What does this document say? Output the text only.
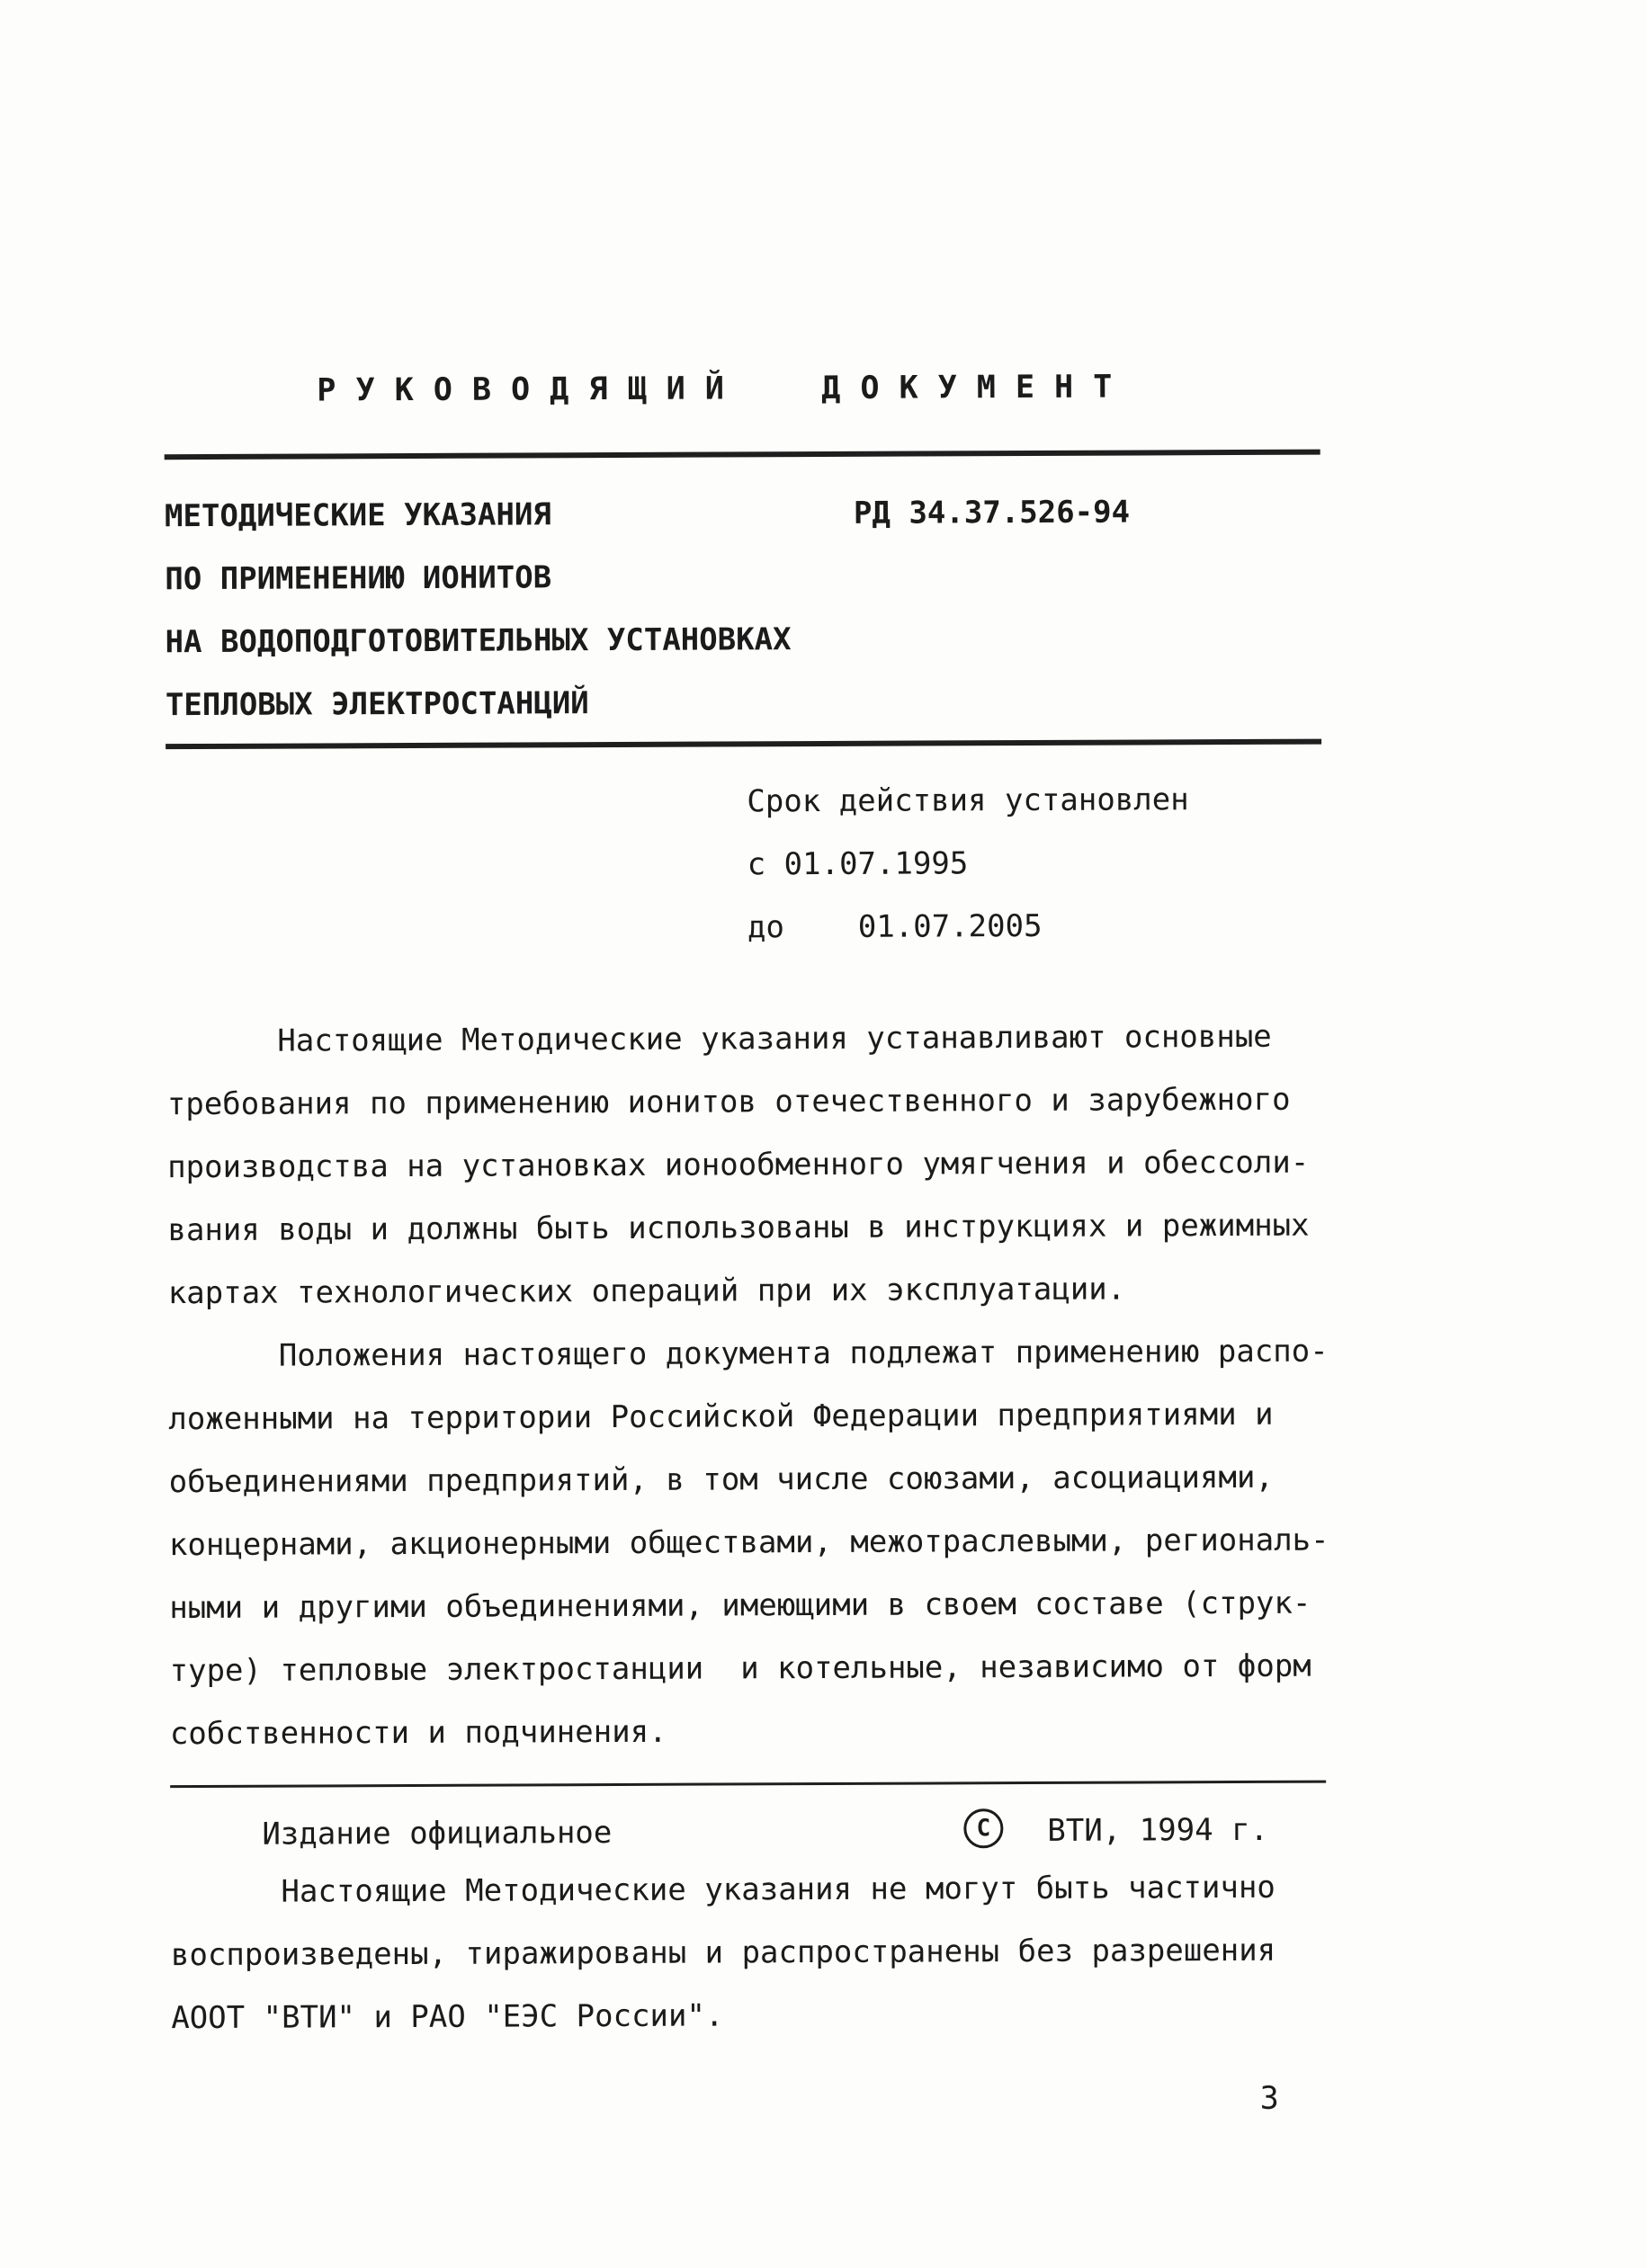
Р У К О В О Д Я Щ И Й     Д О К У М Е Н Т
МЕТОДИЧЕСКИЕ УКАЗАНИЯ
ПО ПРИМЕНЕНИЮ ИОНИТОВ
НА ВОДОПОДГОТОВИТЕЛЬНЫХ УСТАНОВКАХ
ТЕПЛОВЫХ ЭЛЕКТРОСТАНЦИЙ
РД 34.37.526-94
Срок действия установлен
с 01.07.1995
до    01.07.2005

Настоящие Методические указания устанавливают основные
требования по применению ионитов отечественного и зарубежного
производства на установках ионообменного умягчения и обессоли-
вания воды и должны быть использованы в инструкциях и режимных
картах технологических операций при их эксплуатации.

Положения настоящего документа подлежат применению распо-
ложенными на территории Российской Федерации предприятиями и
объединениями предприятий, в том числе союзами, асоциациями,
концернами, акционерными обществами, межотраслевыми, региональ-
ными и другими объединениями, имеющими в своем составе (струк-
туре) тепловые электростанции  и котельные, независимо от форм
собственности и подчинения.

Издание официальное	С	ВТИ, 1994 г.

Настоящие Методические указания не могут быть частично
воспроизведены, тиражированы и распространены без разрешения
АООТ "ВТИ" и РАО "ЕЭС России".

3
